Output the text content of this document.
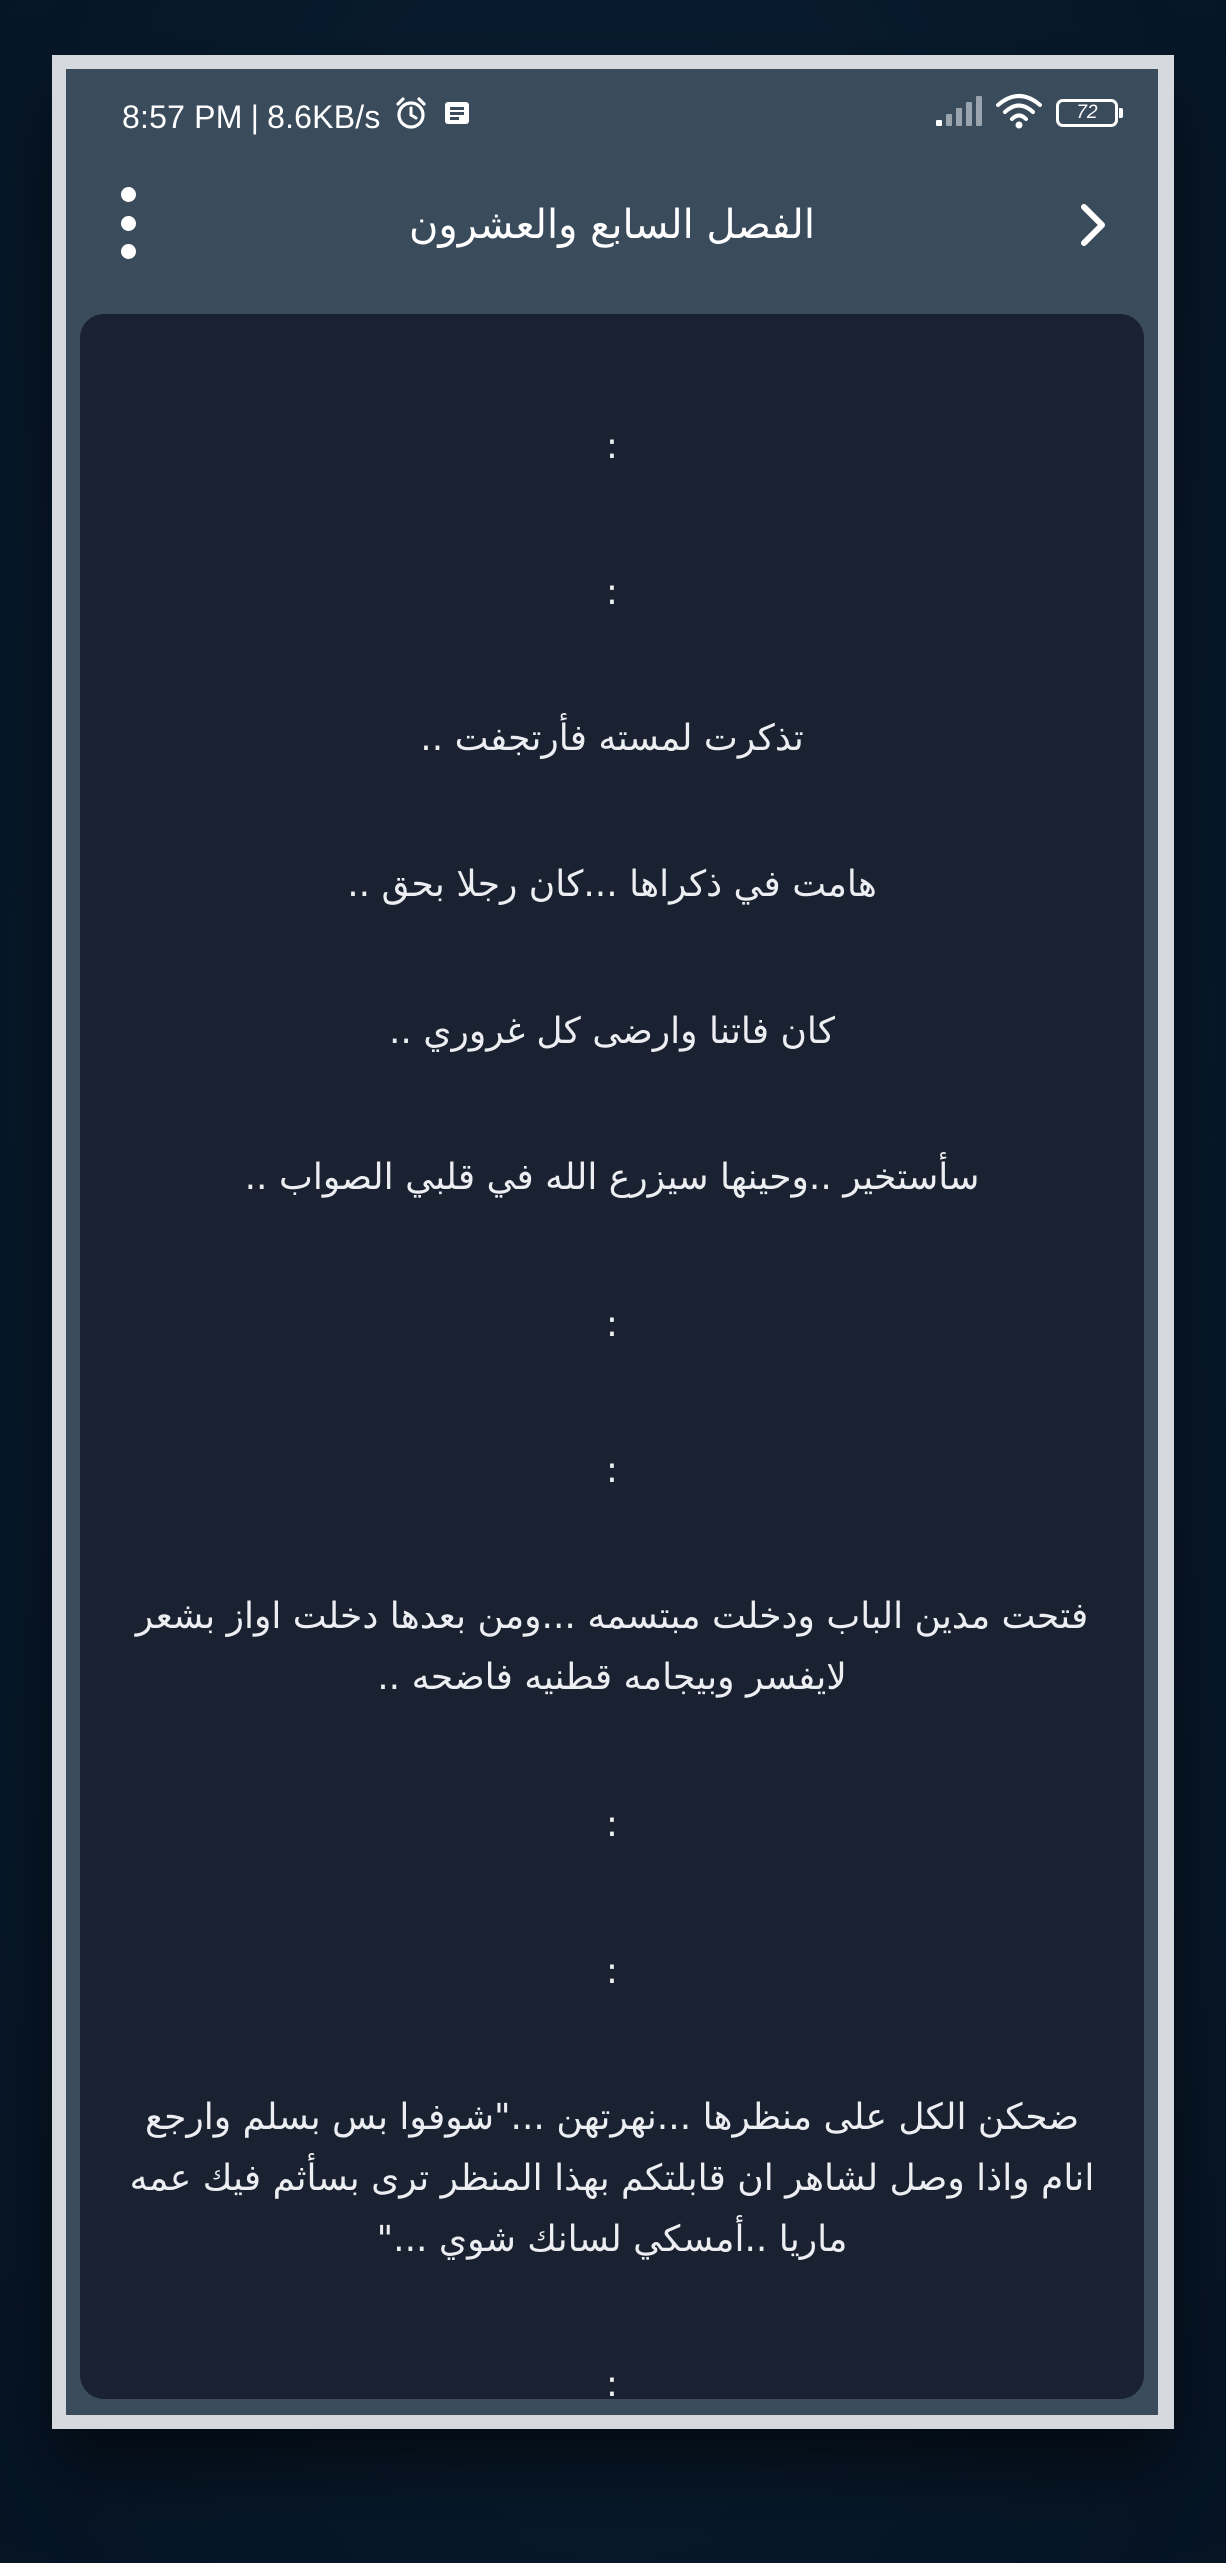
8:57 PM | 8.6KB/s	72
الفصل السابع والعشرون

:

:

تذكرت لمسته فأرتجفت ..

هامت في ذكراها ...كان رجلا بحق ..

كان فاتنا وارضى كل غروري ..

سأستخير ..وحينها سيزرع الله في قلبي الصواب ..

:

:

فتحت مدين الباب ودخلت مبتسمه ...ومن بعدها دخلت اواز بشعر لايفسر وبيجامه قطنيه فاضحه ..

:

:

ضحكن الكل على منظرها ...نهرتهن ..."شوفوا بس بسلم وارجع انام واذا وصل لشاهر ان قابلتكم بهذا المنظر ترى بسأثم فيك عمه ماريا ..أمسكي لسانك شوي ..."

:
